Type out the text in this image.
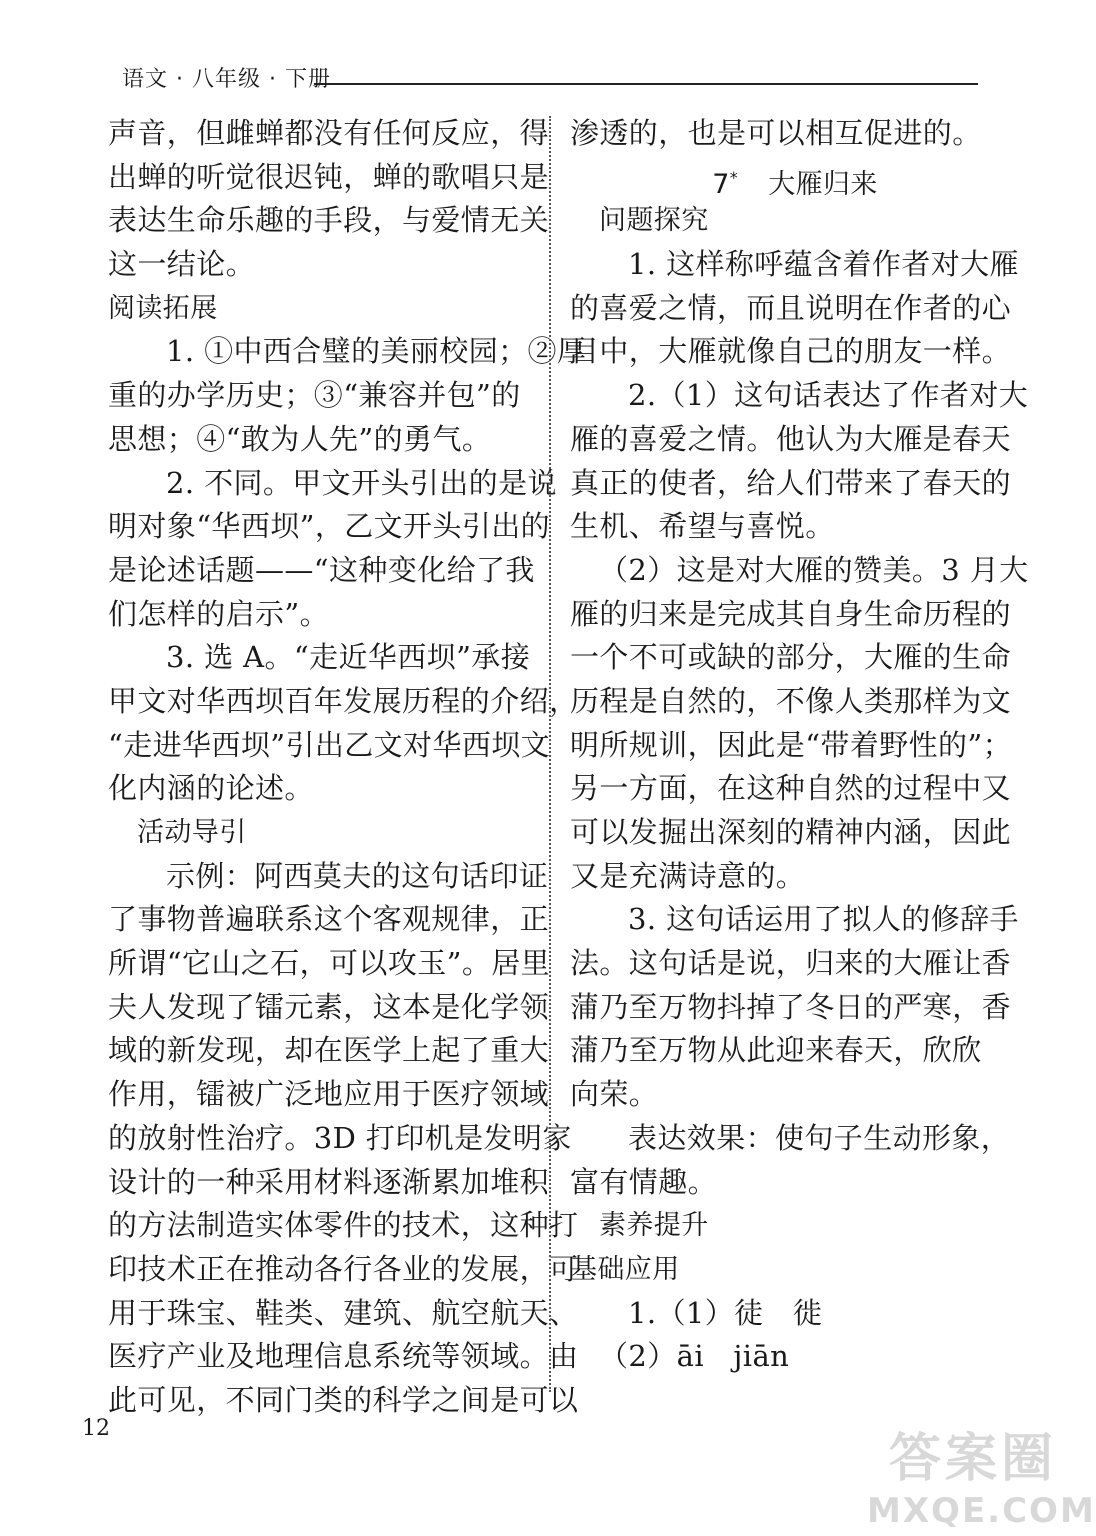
语文 · 八年级 · 下册
声音，但雌蝉都没有任何反应，得
出蝉的听觉很迟钝，蝉的歌唱只是
表达生命乐趣的手段，与爱情无关
这一结论。
阅读拓展
1. ①中西合璧的美丽校园；②厚
重的办学历史；③“兼容并包”的
思想；④“敢为人先”的勇气。
2. 不同。甲文开头引出的是说
明对象“华西坝”，乙文开头引出的
是论述话题——“这种变化给了我
们怎样的启示”。
3. 选 A。“走近华西坝”承接
甲文对华西坝百年发展历程的介绍，
“走进华西坝”引出乙文对华西坝文
化内涵的论述。
活动导引
示例：阿西莫夫的这句话印证
了事物普遍联系这个客观规律，正
所谓“它山之石，可以攻玉”。居里
夫人发现了镭元素，这本是化学领
域的新发现，却在医学上起了重大
作用，镭被广泛地应用于医疗领域
的放射性治疗。3D 打印机是发明家
设计的一种采用材料逐渐累加堆积
的方法制造实体零件的技术，这种打
印技术正在推动各行各业的发展，可
用于珠宝、鞋类、建筑、航空航天、
医疗产业及地理信息系统等领域。由
此可见，不同门类的科学之间是可以
渗透的，也是可以相互促进的。
7* 大雁归来
问题探究
1. 这样称呼蕴含着作者对大雁
的喜爱之情，而且说明在作者的心
目中，大雁就像自己的朋友一样。
2.（1）这句话表达了作者对大
雁的喜爱之情。他认为大雁是春天
真正的使者，给人们带来了春天的
生机、希望与喜悦。
（2）这是对大雁的赞美。3 月大
雁的归来是完成其自身生命历程的
一个不可或缺的部分，大雁的生命
历程是自然的，不像人类那样为文
明所规训，因此是“带着野性的”；
另一方面，在这种自然的过程中又
可以发掘出深刻的精神内涵，因此
又是充满诗意的。
3. 这句话运用了拟人的修辞手
法。这句话是说，归来的大雁让香
蒲乃至万物抖掉了冬日的严寒，香
蒲乃至万物从此迎来春天，欣欣
向荣。
表达效果：使句子生动形象，
富有情趣。
素养提升
基础应用
1.（1）徒　徙
（2）āi　jiān
12
答案圈
MXQE.COM
